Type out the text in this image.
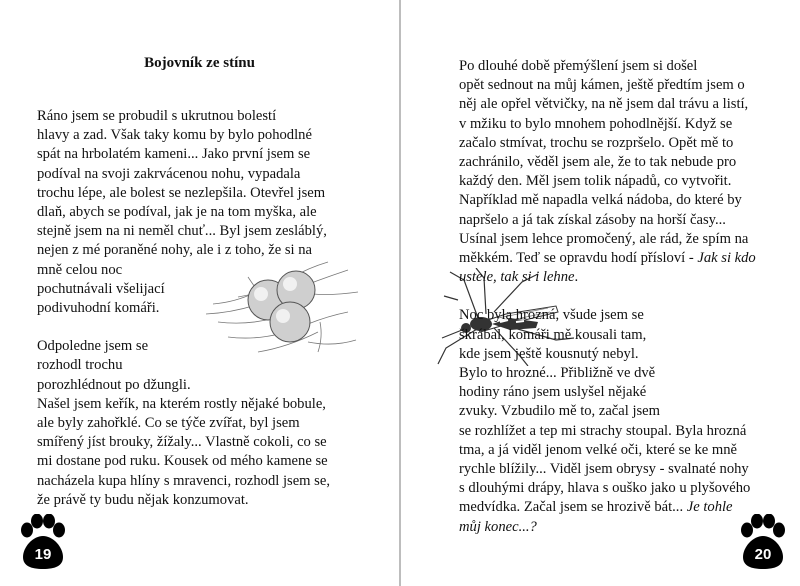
Bojovník ze stínu
Ráno jsem se probudil s ukrutnou bolestí
hlavy a zad. Však taky komu by bylo pohodlné
spát na hrbolatém kameni... Jako první jsem se
podíval na svoji zakrvácenou nohu, vypadala
trochu lépe, ale bolest se nezlepšila. Otevřel jsem
dlaň, abych se podíval, jak je na tom myška, ale
stejně jsem na ni neměl chuť... Byl jsem zesláblý,
nejen z mé poraněné nohy, ale i z toho, že si na
mně celou noc
pochutnávali všelijací
podivuhodní komáři.
Odpoledne jsem se
rozhodl trochu
porozhlédnout po džungli.
Našel jsem keřík, na kterém rostly nějaké bobule,
ale byly zahořklé. Co se týče zvířat, byl jsem
smířený jíst brouky, žížaly... Vlastně cokoli, co se
mi dostane pod ruku. Kousek od mého kamene se
nacházela kupa hlíny s mravenci, rozhodl jsem se,
že právě ty budu nějak konzumovat.
19	20
Po dlouhé době přemýšlení jsem si došel
opět sednout na můj kámen, ještě předtím jsem o
něj ale opřel větvičky, na ně jsem dal trávu a listí,
v mžiku to bylo mnohem pohodlnější. Když se
začalo stmívat, trochu se rozpršelo. Opět mě to
zachránilo, věděl jsem ale, že to tak nebude pro
každý den. Měl jsem tolik nápadů, co vytvořit.
Například mě napadla velká nádoba, do které by
napršelo a já tak získal zásoby na horší časy...
Usínal jsem lehce promočený, ale rád, že spím na
měkkém. Teď se opravdu hodí přísloví - Jak si kdo
ustele, tak si i lehne.
Noc byla hrozná, všude jsem se
škrábal, komáři mě kousali tam,
kde jsem ještě kousnutý nebyl.
Bylo to hrozné... Přibližně ve dvě
hodiny ráno jsem uslyšel nějaké
zvuky. Vzbudilo mě to, začal jsem
se rozhlížet a tep mi strachy stoupal. Byla hrozná
tma, a já viděl jenom velké oči, které se ke mně
rychle blížily... Viděl jsem obrysy - svalnaté nohy
s dlouhými drápy, hlava s ouško jako u plyšového
medvídka. Začal jsem se hrozivě bát... Je tohle
můj konec...?
